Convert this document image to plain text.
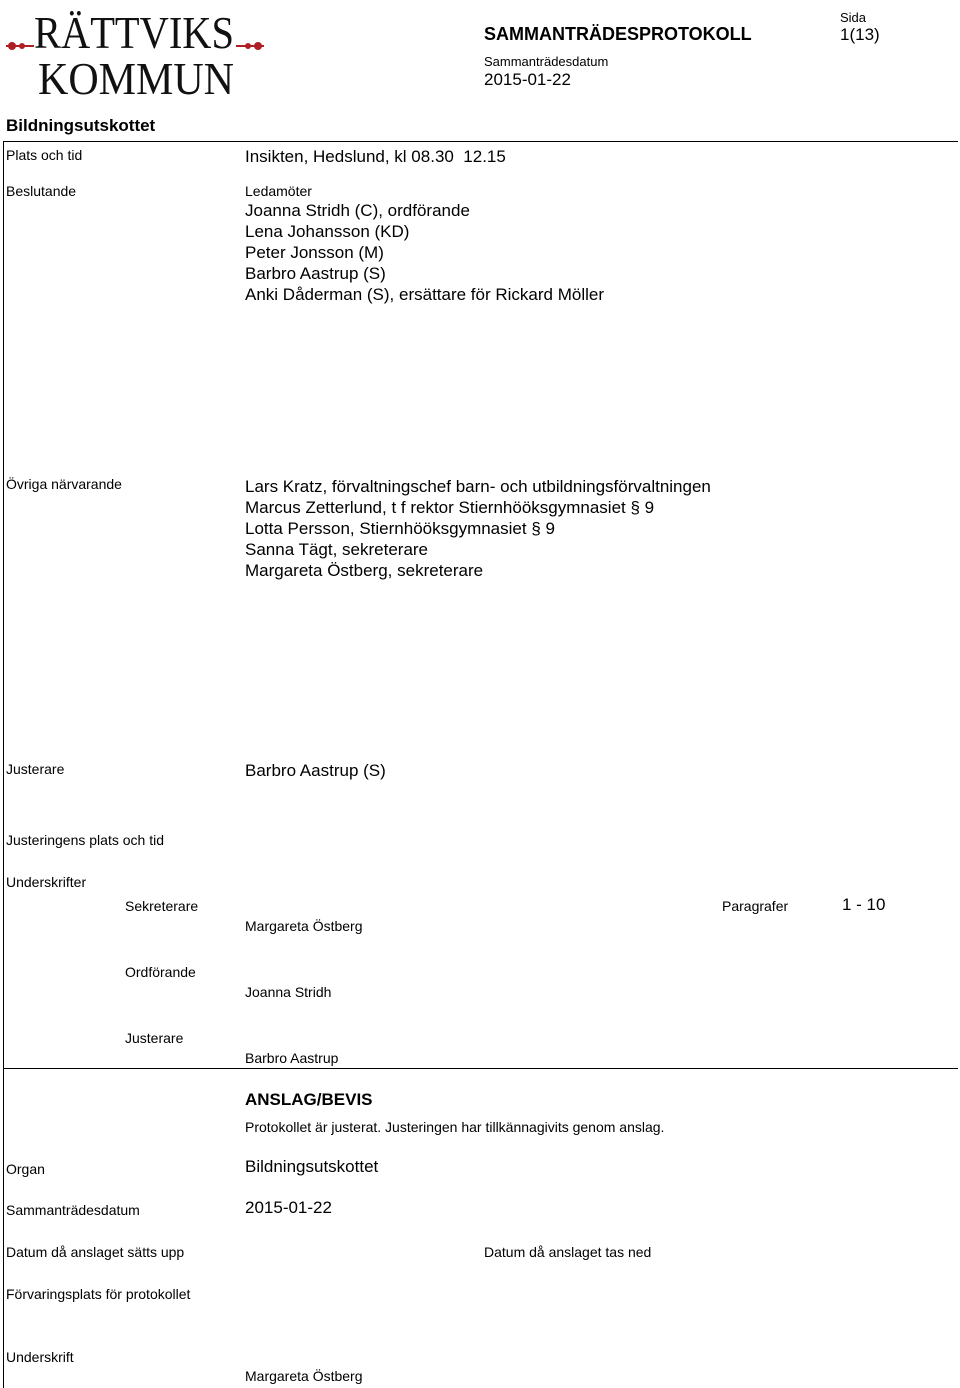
RÄTTVIKS
KOMMUN
SAMMANTRÄDESPROTOKOLL
Sida
1(13)
Sammanträdesdatum
2015-01-22
Bildningsutskottet
Plats och tid	Insikten, Hedslund, kl 08.30  12.15
Beslutande	Ledamöter
Joanna Stridh (C), ordförande
Lena Johansson (KD)
Peter Jonsson (M)
Barbro Aastrup (S)
Anki Dåderman (S), ersättare för Rickard Möller
Övriga närvarande	Lars Kratz, förvaltningschef barn- och utbildningsförvaltningen
Marcus Zetterlund, t f rektor Stiernhööksgymnasiet § 9
Lotta Persson, Stiernhööksgymnasiet § 9
Sanna Tägt, sekreterare
Margareta Östberg, sekreterare
Justerare	Barbro Aastrup (S)
Justeringens plats och tid
Underskrifter
Sekreterare
Margareta Östberg
Paragrafer	1 - 10
Ordförande
Joanna Stridh
Justerare
Barbro Aastrup
ANSLAG/BEVIS
Protokollet är justerat. Justeringen har tillkännagivits genom anslag.
Organ	Bildningsutskottet
Sammanträdesdatum	2015-01-22
Datum då anslaget sätts upp	Datum då anslaget tas ned
Förvaringsplats för protokollet
Underskrift
Margareta Östberg
